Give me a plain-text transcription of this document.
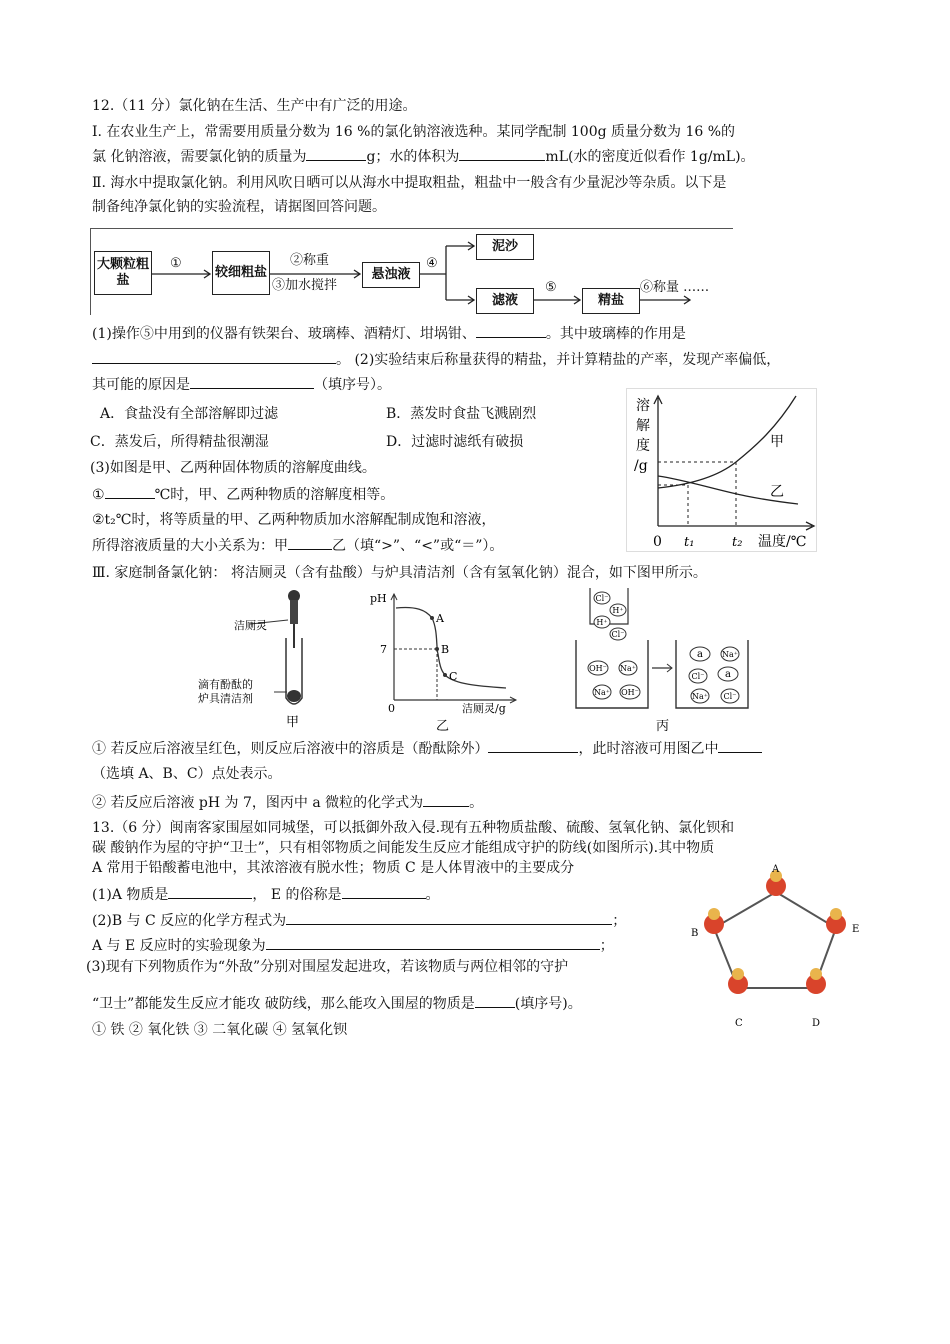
12.（11 分）氯化钠在生活、生产中有广泛的用途。
Ⅰ. 在农业生产上，常需要用质量分数为 16 %的氯化钠溶液选种。某同学配制 100g 质量分数为 16 %的
氯 化钠溶液，需要氯化钠的质量为	g；水的体积为	mL(水的密度近似看作 1g/mL)。
Ⅱ. 海水中提取氯化钠。利用风吹日晒可以从海水中提取粗盐，粗盐中一般含有少量泥沙等杂质。以下是
制备纯净氯化钠的实验流程，请据图回答问题。
大颗粒粗盐
①
较细粗盐
②称重
③加水搅拌
悬浊液
④
泥沙
滤液
⑤
精盐
⑥称量 ……
(1)操作⑤中用到的仪器有铁架台、玻璃棒、酒精灯、坩埚钳、	。其中玻璃棒的作用是
。 (2)实验结束后称量获得的精盐，并计算精盐的产率，发现产率偏低，
其可能的原因是	（填序号）。
A．食盐没有全部溶解即过滤	B．蒸发时食盐飞溅剧烈
C．蒸发后，所得精盐很潮湿	D．过滤时滤纸有破损
(3)如图是甲、乙两种固体物质的溶解度曲线。
①	℃时，甲、乙两种物质的溶解度相等。
②t₂℃时，将等质量的甲、乙两种物质加水溶解配制成饱和溶液，
所得溶液质量的大小关系为：甲	乙（填“>”、“<”或“＝”）。
溶
解
度
/g
甲
乙
0 t₁	t₂ 温度/℃
Ⅲ. 家庭制备氯化钠： 将洁厕灵（含有盐酸）与炉具清洁剂（含有氢氧化钠）混合，如下图甲所示。
洁厕灵
滴有酚酞的
炉具清洁剂
甲
pH
7
0
A
B
C
洁厕灵/g
乙
Cl⁻
H⁺
H⁺
Cl⁻
OH⁻ Na⁺
Na⁺ OH⁻
a Na⁺
Cl⁻ a
Na⁺ Cl⁻
丙
① 若反应后溶液呈红色，则反应后溶液中的溶质是（酚酞除外）	，此时溶液可用图乙中
（选填 A、B、C）点处表示。
② 若反应后溶液 pH 为 7，图丙中 a 微粒的化学式为	。
13.（6 分）闽南客家围屋如同城堡，可以抵御外敌入侵.现有五种物质盐酸、硫酸、氢氧化钠、氯化钡和
碳 酸钠作为屋的守护“卫士”，只有相邻物质之间能发生反应才能组成守护的防线(如图所示).其中物质
A 常用于铅酸蓄电池中，其浓溶液有脱水性；物质 C 是人体胃液中的主要成分
(1)A 物质是	， E 的俗称是	。
(2)B 与 C 反应的化学方程式为	；
A 与 E 反应时的实验现象为	；
(3)现有下列物质作为“外敌”分别对围屋发起进攻，若该物质与两位相邻的守护
“卫士”都能发生反应才能攻 破防线，那么能攻入围屋的物质是	(填序号)。
① 铁 ② 氧化铁 ③ 二氧化碳 ④ 氢氧化钡
A
B	E
C	D
